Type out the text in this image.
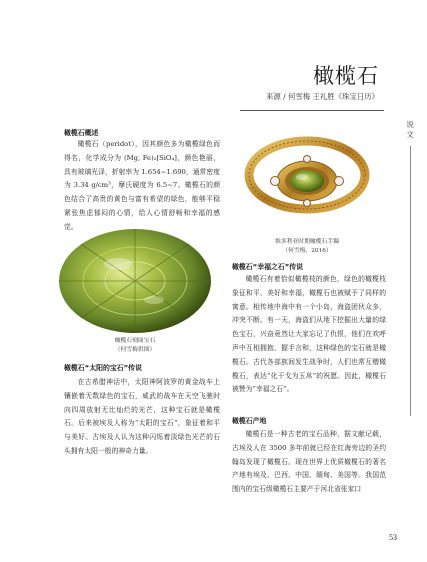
橄榄石
来源 / 何雪梅 王礼胜《珠宝日历》
说文
橄榄石概述

橄榄石（peridot），因其颜色多为橄榄绿色而得名，化学成分为 (Mg, Fe)₂[SiO₄]，颜色艳丽，具有玻璃光泽，折射率为 1.654~1.690，通常密度为 3.34 g/cm³，摩氏硬度为 6.5~7。橄榄石的颜色结合了高贵的黄色与富有希望的绿色，能够平稳紧张焦虑郁闷的心情，给人心情舒畅和幸福的感觉。

维多利亚时期橄榄石手镯
（何雪梅，2016）
橄榄石刻面宝石
（何雪梅供图）
橄榄石“太阳的宝石”传说

在古希腊神话中，太阳神阿波罗的黄金战车上镶嵌着无数绿色的宝石，威武的战车在天空飞驰时向四周放射无比灿烂的光芒，这种宝石就是橄榄石。后来被埃及人称为“太阳的宝石”，象征着和平与美好。古埃及人认为这种闪烁着淡绿色光芒的石头拥有太阳一般的神奇力量。

橄榄石“幸福之石”传说

橄榄石有着恰似橄榄枝的颜色，绿色的橄榄枝象征和平、美好和幸福，橄榄石也被赋予了同样的寓意。相传地中海中有一个小岛，海盗团伙众多，冲突不断。有一天，海盗们从地下挖掘出大量的绿色宝石，兴奋竟然让大家忘记了仇恨，他们在欢呼声中互相拥抱、握手言和，这种绿色的宝石就是橄榄石。古代各部族间发生战争时，人们也常互赠橄榄石，表达“化干戈为玉帛”的祝愿。因此，橄榄石被赞为“幸福之石”。

橄榄石产地

橄榄石是一种古老的宝石品种，据文献记载，古埃及人在 3500 多年前就已经在红海旁边的圣约翰岛发现了橄榄石。现在世界上优质橄榄石的著名产地有埃及、巴西、中国、缅甸、美国等。我国范围内的宝石级橄榄石主要产于河北省张家口

53
